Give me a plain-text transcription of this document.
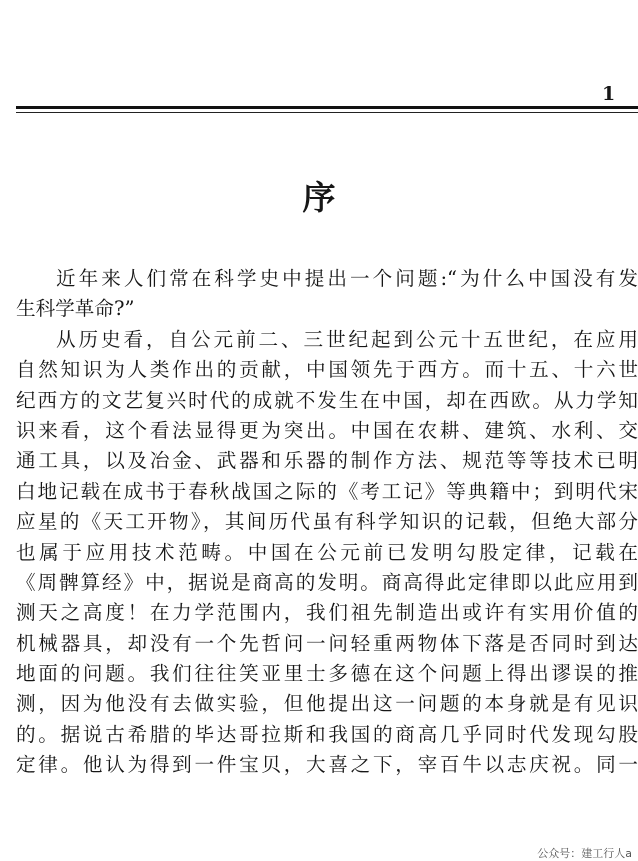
1
序
近年来人们常在科学史中提出一个问题:“为什么中国没有发
生科学革命?”
从历史看，自公元前二、三世纪起到公元十五世纪，在应用
自然知识为人类作出的贡献，中国领先于西方。而十五、十六世
纪西方的文艺复兴时代的成就不发生在中国，却在西欧。从力学知
识来看，这个看法显得更为突出。中国在农耕、建筑、水利、交
通工具，以及冶金、武器和乐器的制作方法、规范等等技术已明
白地记载在成书于春秋战国之际的《考工记》等典籍中；到明代宋
应星的《天工开物》，其间历代虽有科学知识的记载，但绝大部分
也属于应用技术范畴。中国在公元前已发明勾股定律，记载在
《周髀算经》中，据说是商高的发明。商高得此定律即以此应用到
测天之高度！在力学范围内，我们祖先制造出或许有实用价值的
机械器具，却没有一个先哲问一问轻重两物体下落是否同时到达
地面的问题。我们往往笑亚里士多德在这个问题上得出谬误的推
测，因为他没有去做实验，但他提出这一问题的本身就是有见识
的。据说古希腊的毕达哥拉斯和我国的商高几乎同时代发现勾股
定律。他认为得到一件宝贝，大喜之下，宰百牛以志庆祝。同一
公众号：建工行人a
